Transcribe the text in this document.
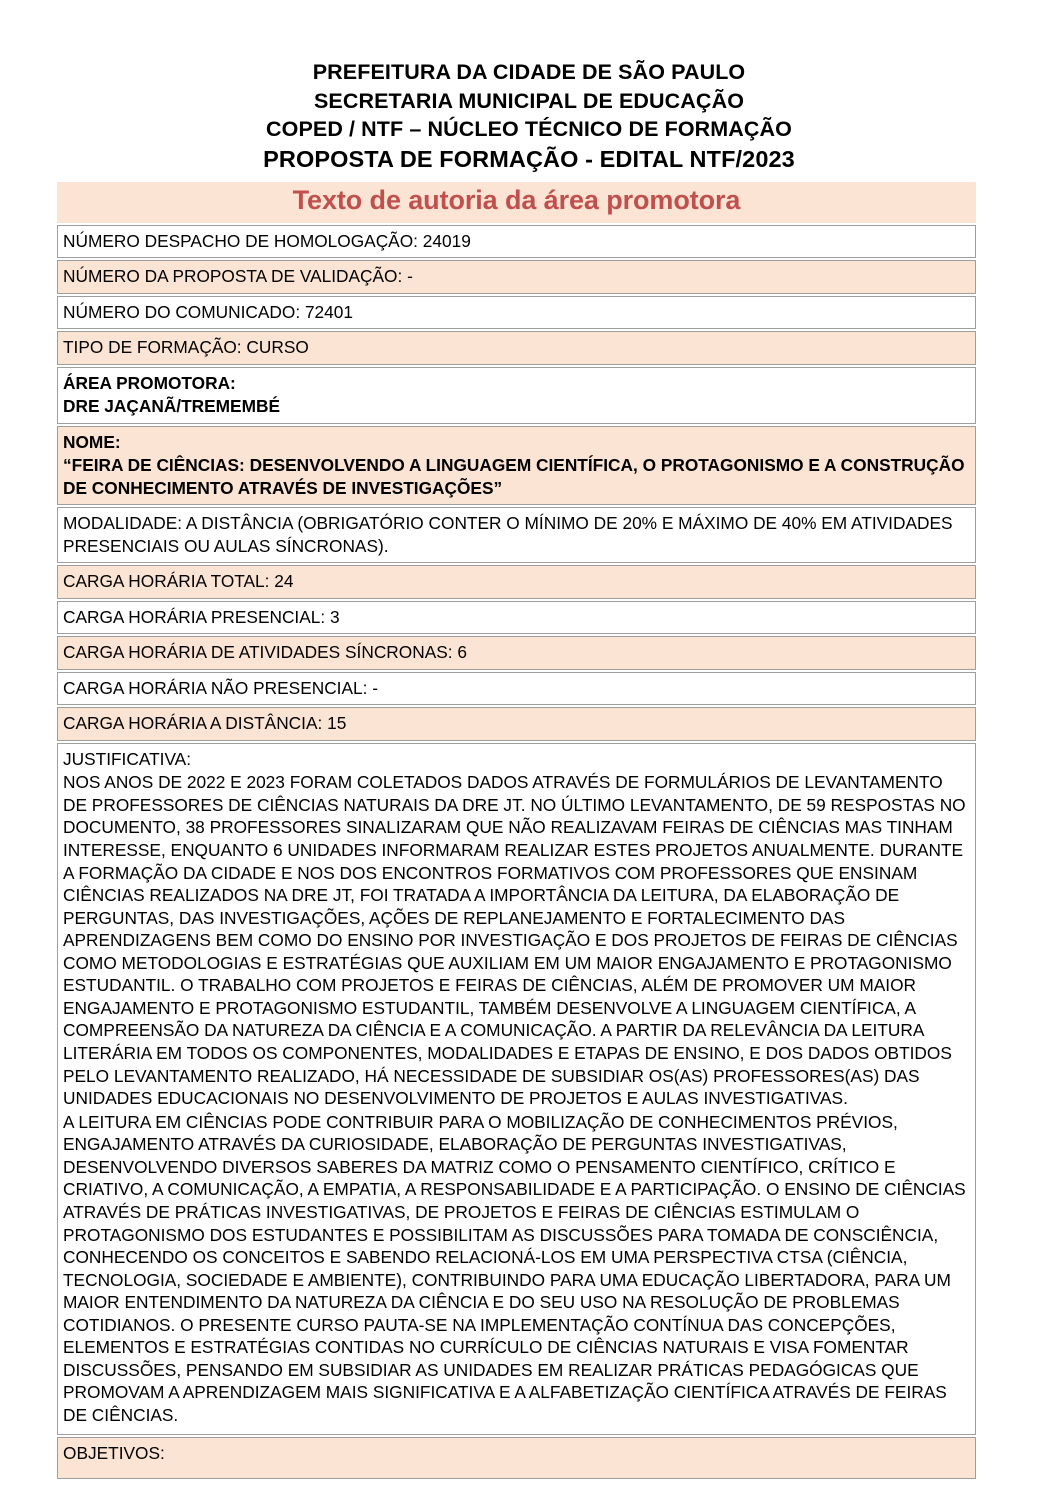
PREFEITURA DA CIDADE DE SÃO PAULO
SECRETARIA MUNICIPAL DE EDUCAÇÃO
COPED / NTF – NÚCLEO TÉCNICO DE FORMAÇÃO
PROPOSTA DE FORMAÇÃO - EDITAL NTF/2023
Texto de autoria da área promotora

NÚMERO DESPACHO DE HOMOLOGAÇÃO: 24019

NÚMERO DA PROPOSTA DE VALIDAÇÃO: -

NÚMERO DO COMUNICADO: 72401

TIPO DE FORMAÇÃO: CURSO

ÁREA PROMOTORA:

DRE JAÇANÃ/TREMEMBÉ

NOME:

“FEIRA DE CIÊNCIAS: DESENVOLVENDO A LINGUAGEM CIENTÍFICA, O PROTAGONISMO E A CONSTRUÇÃO DE CONHECIMENTO ATRAVÉS DE INVESTIGAÇÕES”

MODALIDADE: A DISTÂNCIA (OBRIGATÓRIO CONTER O MÍNIMO DE 20% E MÁXIMO DE 40% EM ATIVIDADES PRESENCIAIS OU AULAS SÍNCRONAS).

CARGA HORÁRIA TOTAL: 24

CARGA HORÁRIA PRESENCIAL: 3

CARGA HORÁRIA DE ATIVIDADES SÍNCRONAS: 6

CARGA HORÁRIA NÃO PRESENCIAL: -

CARGA HORÁRIA A DISTÂNCIA: 15

JUSTIFICATIVA:

NOS ANOS DE 2022 E 2023 FORAM COLETADOS DADOS ATRAVÉS DE FORMULÁRIOS DE LEVANTAMENTO DE PROFESSORES DE CIÊNCIAS NATURAIS DA DRE JT. NO ÚLTIMO LEVANTAMENTO, DE 59 RESPOSTAS NO DOCUMENTO, 38 PROFESSORES SINALIZARAM QUE NÃO REALIZAVAM FEIRAS DE CIÊNCIAS MAS TINHAM INTERESSE, ENQUANTO 6 UNIDADES INFORMARAM REALIZAR ESTES PROJETOS ANUALMENTE. DURANTE A FORMAÇÃO DA CIDADE E NOS DOS ENCONTROS FORMATIVOS COM PROFESSORES QUE ENSINAM CIÊNCIAS REALIZADOS NA DRE JT, FOI TRATADA A IMPORTÂNCIA DA LEITURA, DA ELABORAÇÃO DE PERGUNTAS, DAS INVESTIGAÇÕES, AÇÕES DE REPLANEJAMENTO E FORTALECIMENTO DAS APRENDIZAGENS BEM COMO DO ENSINO POR INVESTIGAÇÃO E DOS PROJETOS DE FEIRAS DE CIÊNCIAS COMO METODOLOGIAS E ESTRATÉGIAS QUE AUXILIAM EM UM MAIOR ENGAJAMENTO E PROTAGONISMO ESTUDANTIL. O TRABALHO COM PROJETOS E FEIRAS DE CIÊNCIAS, ALÉM DE PROMOVER UM MAIOR ENGAJAMENTO E PROTAGONISMO ESTUDANTIL, TAMBÉM DESENVOLVE A LINGUAGEM CIENTÍFICA, A COMPREENSÃO DA NATUREZA DA CIÊNCIA E A COMUNICAÇÃO. A PARTIR DA RELEVÂNCIA DA LEITURA LITERÁRIA EM TODOS OS COMPONENTES, MODALIDADES E ETAPAS DE ENSINO, E DOS DADOS OBTIDOS PELO LEVANTAMENTO REALIZADO, HÁ NECESSIDADE DE SUBSIDIAR OS(AS) PROFESSORES(AS) DAS UNIDADES EDUCACIONAIS NO DESENVOLVIMENTO DE PROJETOS E AULAS INVESTIGATIVAS.

A LEITURA EM CIÊNCIAS PODE CONTRIBUIR PARA O MOBILIZAÇÃO DE CONHECIMENTOS PRÉVIOS, ENGAJAMENTO ATRAVÉS DA CURIOSIDADE, ELABORAÇÃO DE PERGUNTAS INVESTIGATIVAS, DESENVOLVENDO DIVERSOS SABERES DA MATRIZ COMO O PENSAMENTO CIENTÍFICO, CRÍTICO E CRIATIVO, A COMUNICAÇÃO, A EMPATIA, A RESPONSABILIDADE E A PARTICIPAÇÃO. O ENSINO DE CIÊNCIAS ATRAVÉS DE PRÁTICAS INVESTIGATIVAS, DE PROJETOS E FEIRAS DE CIÊNCIAS ESTIMULAM O PROTAGONISMO DOS ESTUDANTES E POSSIBILITAM AS DISCUSSÕES PARA TOMADA DE CONSCIÊNCIA, CONHECENDO OS CONCEITOS E SABENDO RELACIONÁ-LOS EM UMA PERSPECTIVA CTSA (CIÊNCIA, TECNOLOGIA, SOCIEDADE E AMBIENTE), CONTRIBUINDO PARA UMA EDUCAÇÃO LIBERTADORA, PARA UM MAIOR ENTENDIMENTO DA NATUREZA DA CIÊNCIA E DO SEU USO NA RESOLUÇÃO DE PROBLEMAS COTIDIANOS. O PRESENTE CURSO PAUTA-SE NA IMPLEMENTAÇÃO CONTÍNUA DAS CONCEPÇÕES, ELEMENTOS E ESTRATÉGIAS CONTIDAS NO CURRÍCULO DE CIÊNCIAS NATURAIS E VISA FOMENTAR DISCUSSÕES, PENSANDO EM SUBSIDIAR AS UNIDADES EM REALIZAR PRÁTICAS PEDAGÓGICAS QUE PROMOVAM A APRENDIZAGEM MAIS SIGNIFICATIVA E A ALFABETIZAÇÃO CIENTÍFICA ATRAVÉS DE FEIRAS DE CIÊNCIAS.

OBJETIVOS:
